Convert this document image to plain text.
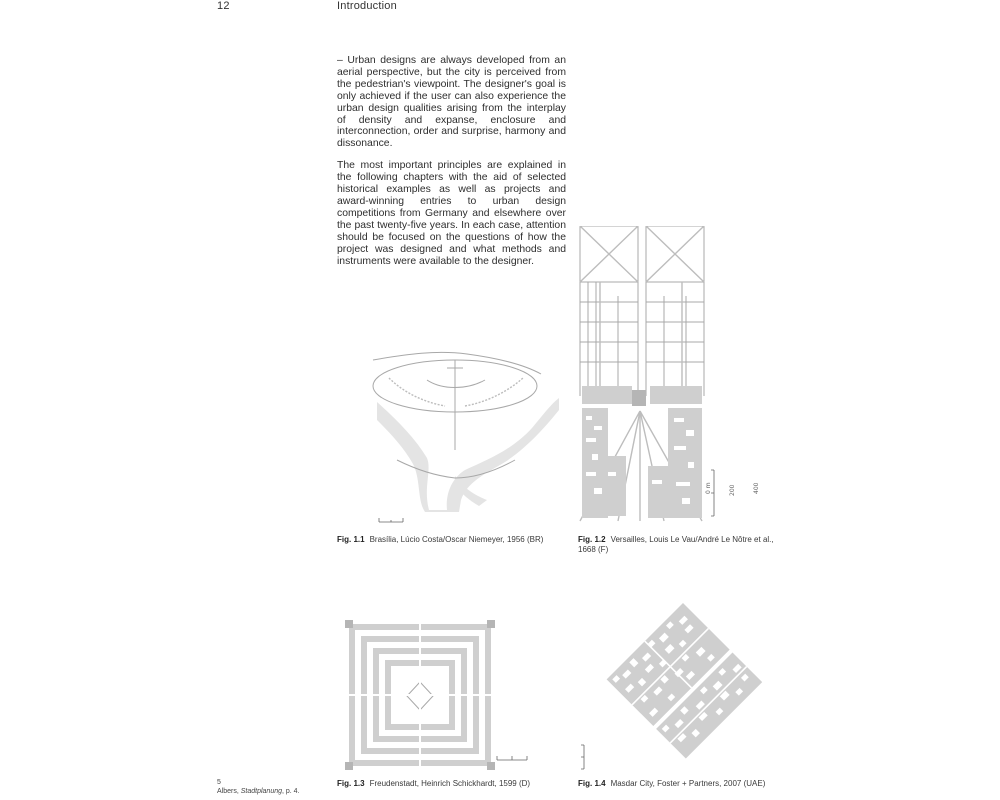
12	Introduction

– Urban designs are always developed from an aerial perspective, but the city is perceived from the pedestrian's viewpoint. The designer's goal is only achieved if the user can also experience the urban design qualities arising from the interplay of density and expanse, enclosure and interconnection, order and surprise, harmony and dissonance.

The most important principles are explained in the following chapters with the aid of selected historical examples as well as projects and award-winning entries to urban design competitions from Germany and elsewhere over the past twenty-five years. In each case, attention should be focused on the questions of how the project was designed and what methods and instruments were available to the designer.

0 m	200	400
Fig. 1.1 Brasília, Lúcio Costa/Oscar Niemeyer, 1956 (BR)	Fig. 1.2 Versailles, Louis Le Vau/André Le Nôtre et al., 1668 (F)
Fig. 1.3 Freudenstadt, Heinrich Schickhardt, 1599 (D)	Fig. 1.4 Masdar City, Foster + Partners, 2007 (UAE)
5
Albers, Stadtplanung, p. 4.
